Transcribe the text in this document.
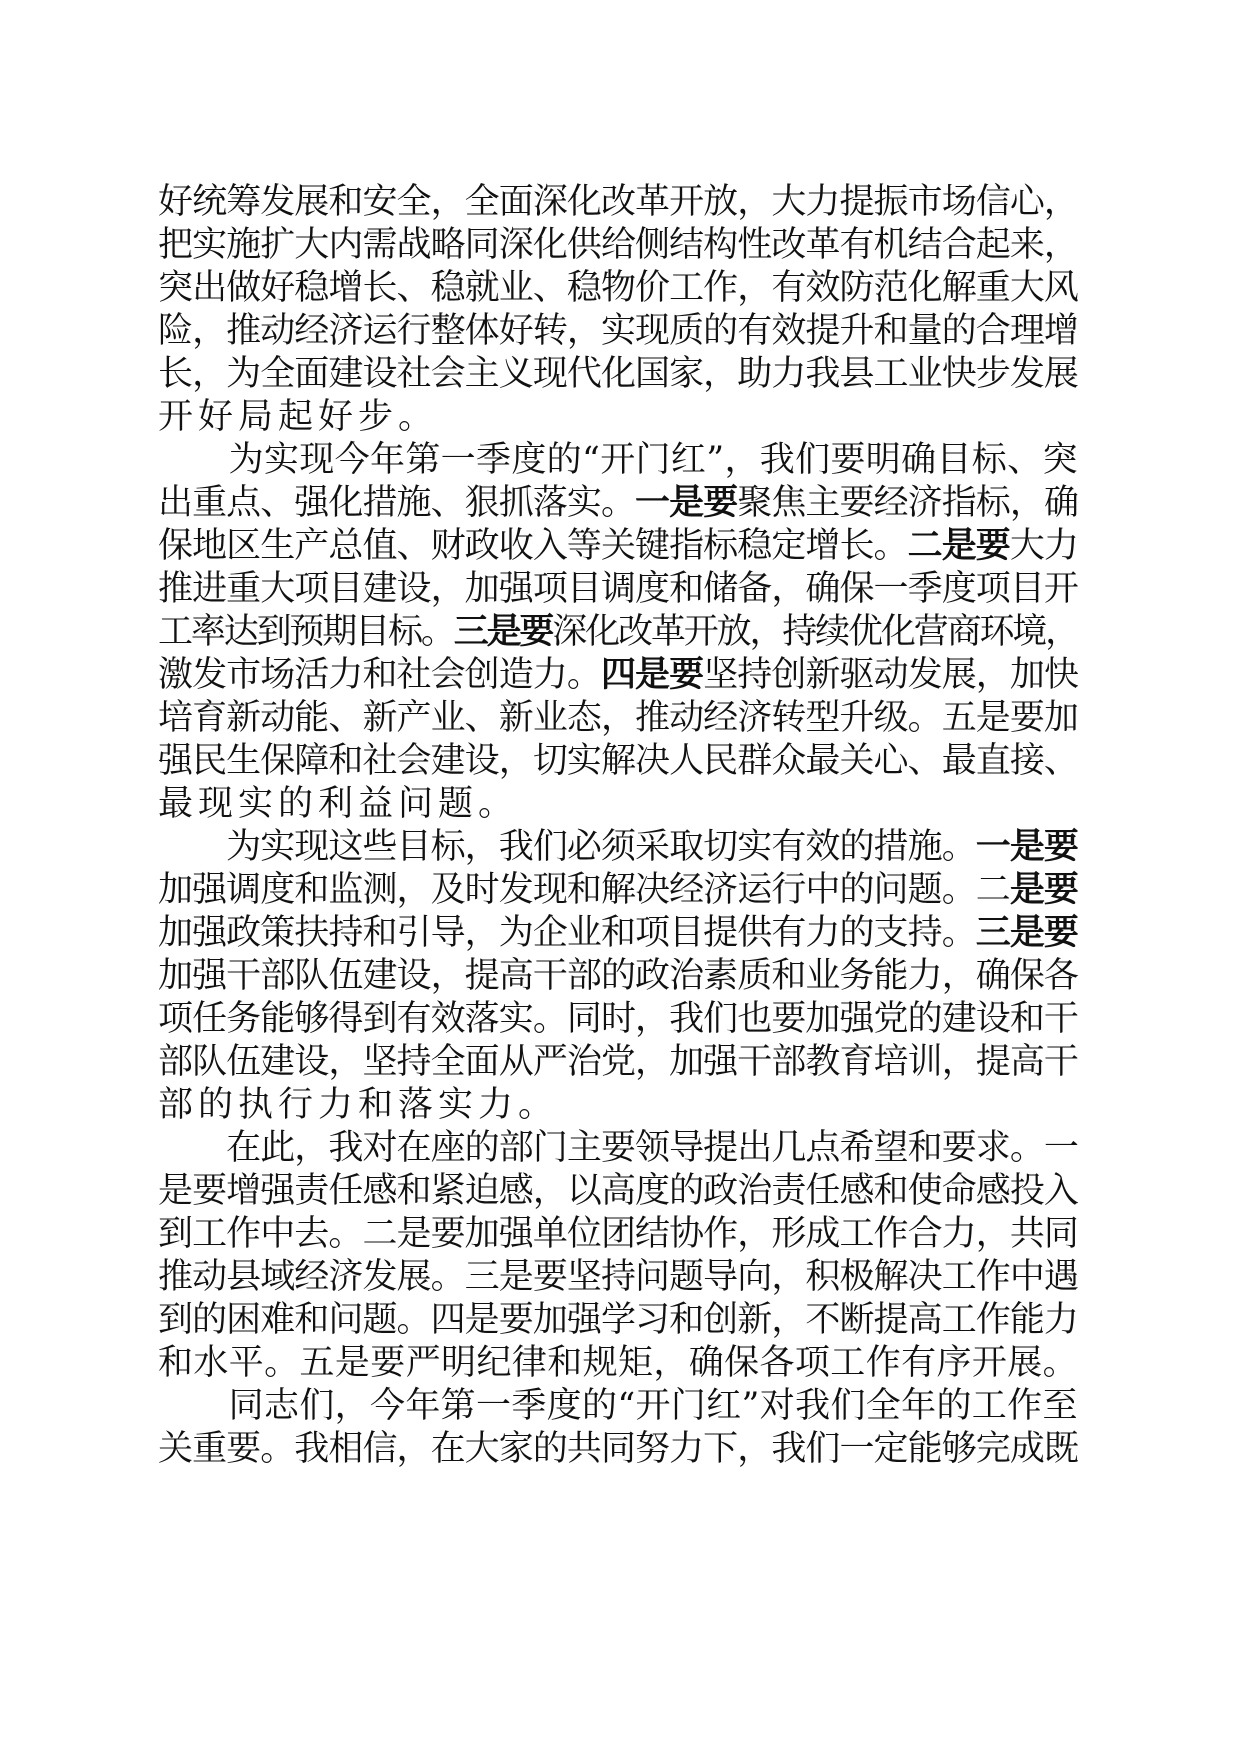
好统筹发展和安全，全面深化改革开放，大力提振市场信心，
把实施扩大内需战略同深化供给侧结构性改革有机结合起来，
突出做好稳增长、稳就业、稳物价工作，有效防范化解重大风
险，推动经济运行整体好转，实现质的有效提升和量的合理增
长，为全面建设社会主义现代化国家，助力我县工业快步发展
开好局起好步。
　　为实现今年第一季度的“开门红”，我们要明确目标、突
出重点、强化措施、狠抓落实。一是要聚焦主要经济指标，确
保地区生产总值、财政收入等关键指标稳定增长。二是要大力
推进重大项目建设，加强项目调度和储备，确保一季度项目开
工率达到预期目标。三是要深化改革开放，持续优化营商环境，
激发市场活力和社会创造力。四是要坚持创新驱动发展，加快
培育新动能、新产业、新业态，推动经济转型升级。五是要加
强民生保障和社会建设，切实解决人民群众最关心、最直接、
最现实的利益问题。
　　为实现这些目标，我们必须采取切实有效的措施。一是要
加强调度和监测，及时发现和解决经济运行中的问题。二是要
加强政策扶持和引导，为企业和项目提供有力的支持。三是要
加强干部队伍建设，提高干部的政治素质和业务能力，确保各
项任务能够得到有效落实。同时，我们也要加强党的建设和干
部队伍建设，坚持全面从严治党，加强干部教育培训，提高干
部的执行力和落实力。
　　在此，我对在座的部门主要领导提出几点希望和要求。一
是要增强责任感和紧迫感，以高度的政治责任感和使命感投入
到工作中去。二是要加强单位团结协作，形成工作合力，共同
推动县域经济发展。三是要坚持问题导向，积极解决工作中遇
到的困难和问题。四是要加强学习和创新，不断提高工作能力
和水平。五是要严明纪律和规矩，确保各项工作有序开展。
　　同志们，今年第一季度的“开门红”对我们全年的工作至
关重要。我相信，在大家的共同努力下，我们一定能够完成既
